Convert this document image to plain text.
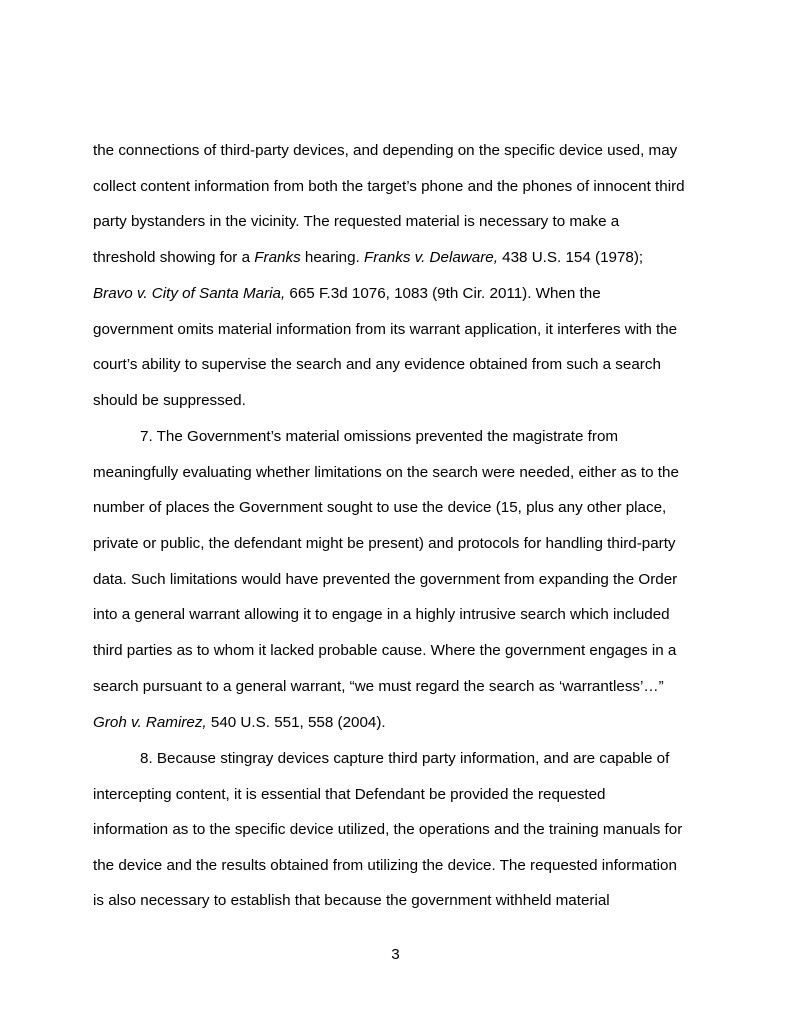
the connections of third-party devices, and depending on the specific device used, may
collect content information from both the target’s phone and the phones of innocent third
party bystanders in the vicinity. The requested material is necessary to make a
threshold showing for a Franks hearing. Franks v. Delaware, 438 U.S. 154 (1978);
Bravo v. City of Santa Maria, 665 F.3d 1076, 1083 (9th Cir. 2011). When the
government omits material information from its warrant application, it interferes with the
court’s ability to supervise the search and any evidence obtained from such a search
should be suppressed.
7. The Government’s material omissions prevented the magistrate from
meaningfully evaluating whether limitations on the search were needed, either as to the
number of places the Government sought to use the device (15, plus any other place,
private or public, the defendant might be present) and protocols for handling third-party
data. Such limitations would have prevented the government from expanding the Order
into a general warrant allowing it to engage in a highly intrusive search which included
third parties as to whom it lacked probable cause. Where the government engages in a
search pursuant to a general warrant, “we must regard the search as ‘warrantless’…”
Groh v. Ramirez, 540 U.S. 551, 558 (2004).
8. Because stingray devices capture third party information, and are capable of
intercepting content, it is essential that Defendant be provided the requested
information as to the specific device utilized, the operations and the training manuals for
the device and the results obtained from utilizing the device. The requested information
is also necessary to establish that because the government withheld material
3
